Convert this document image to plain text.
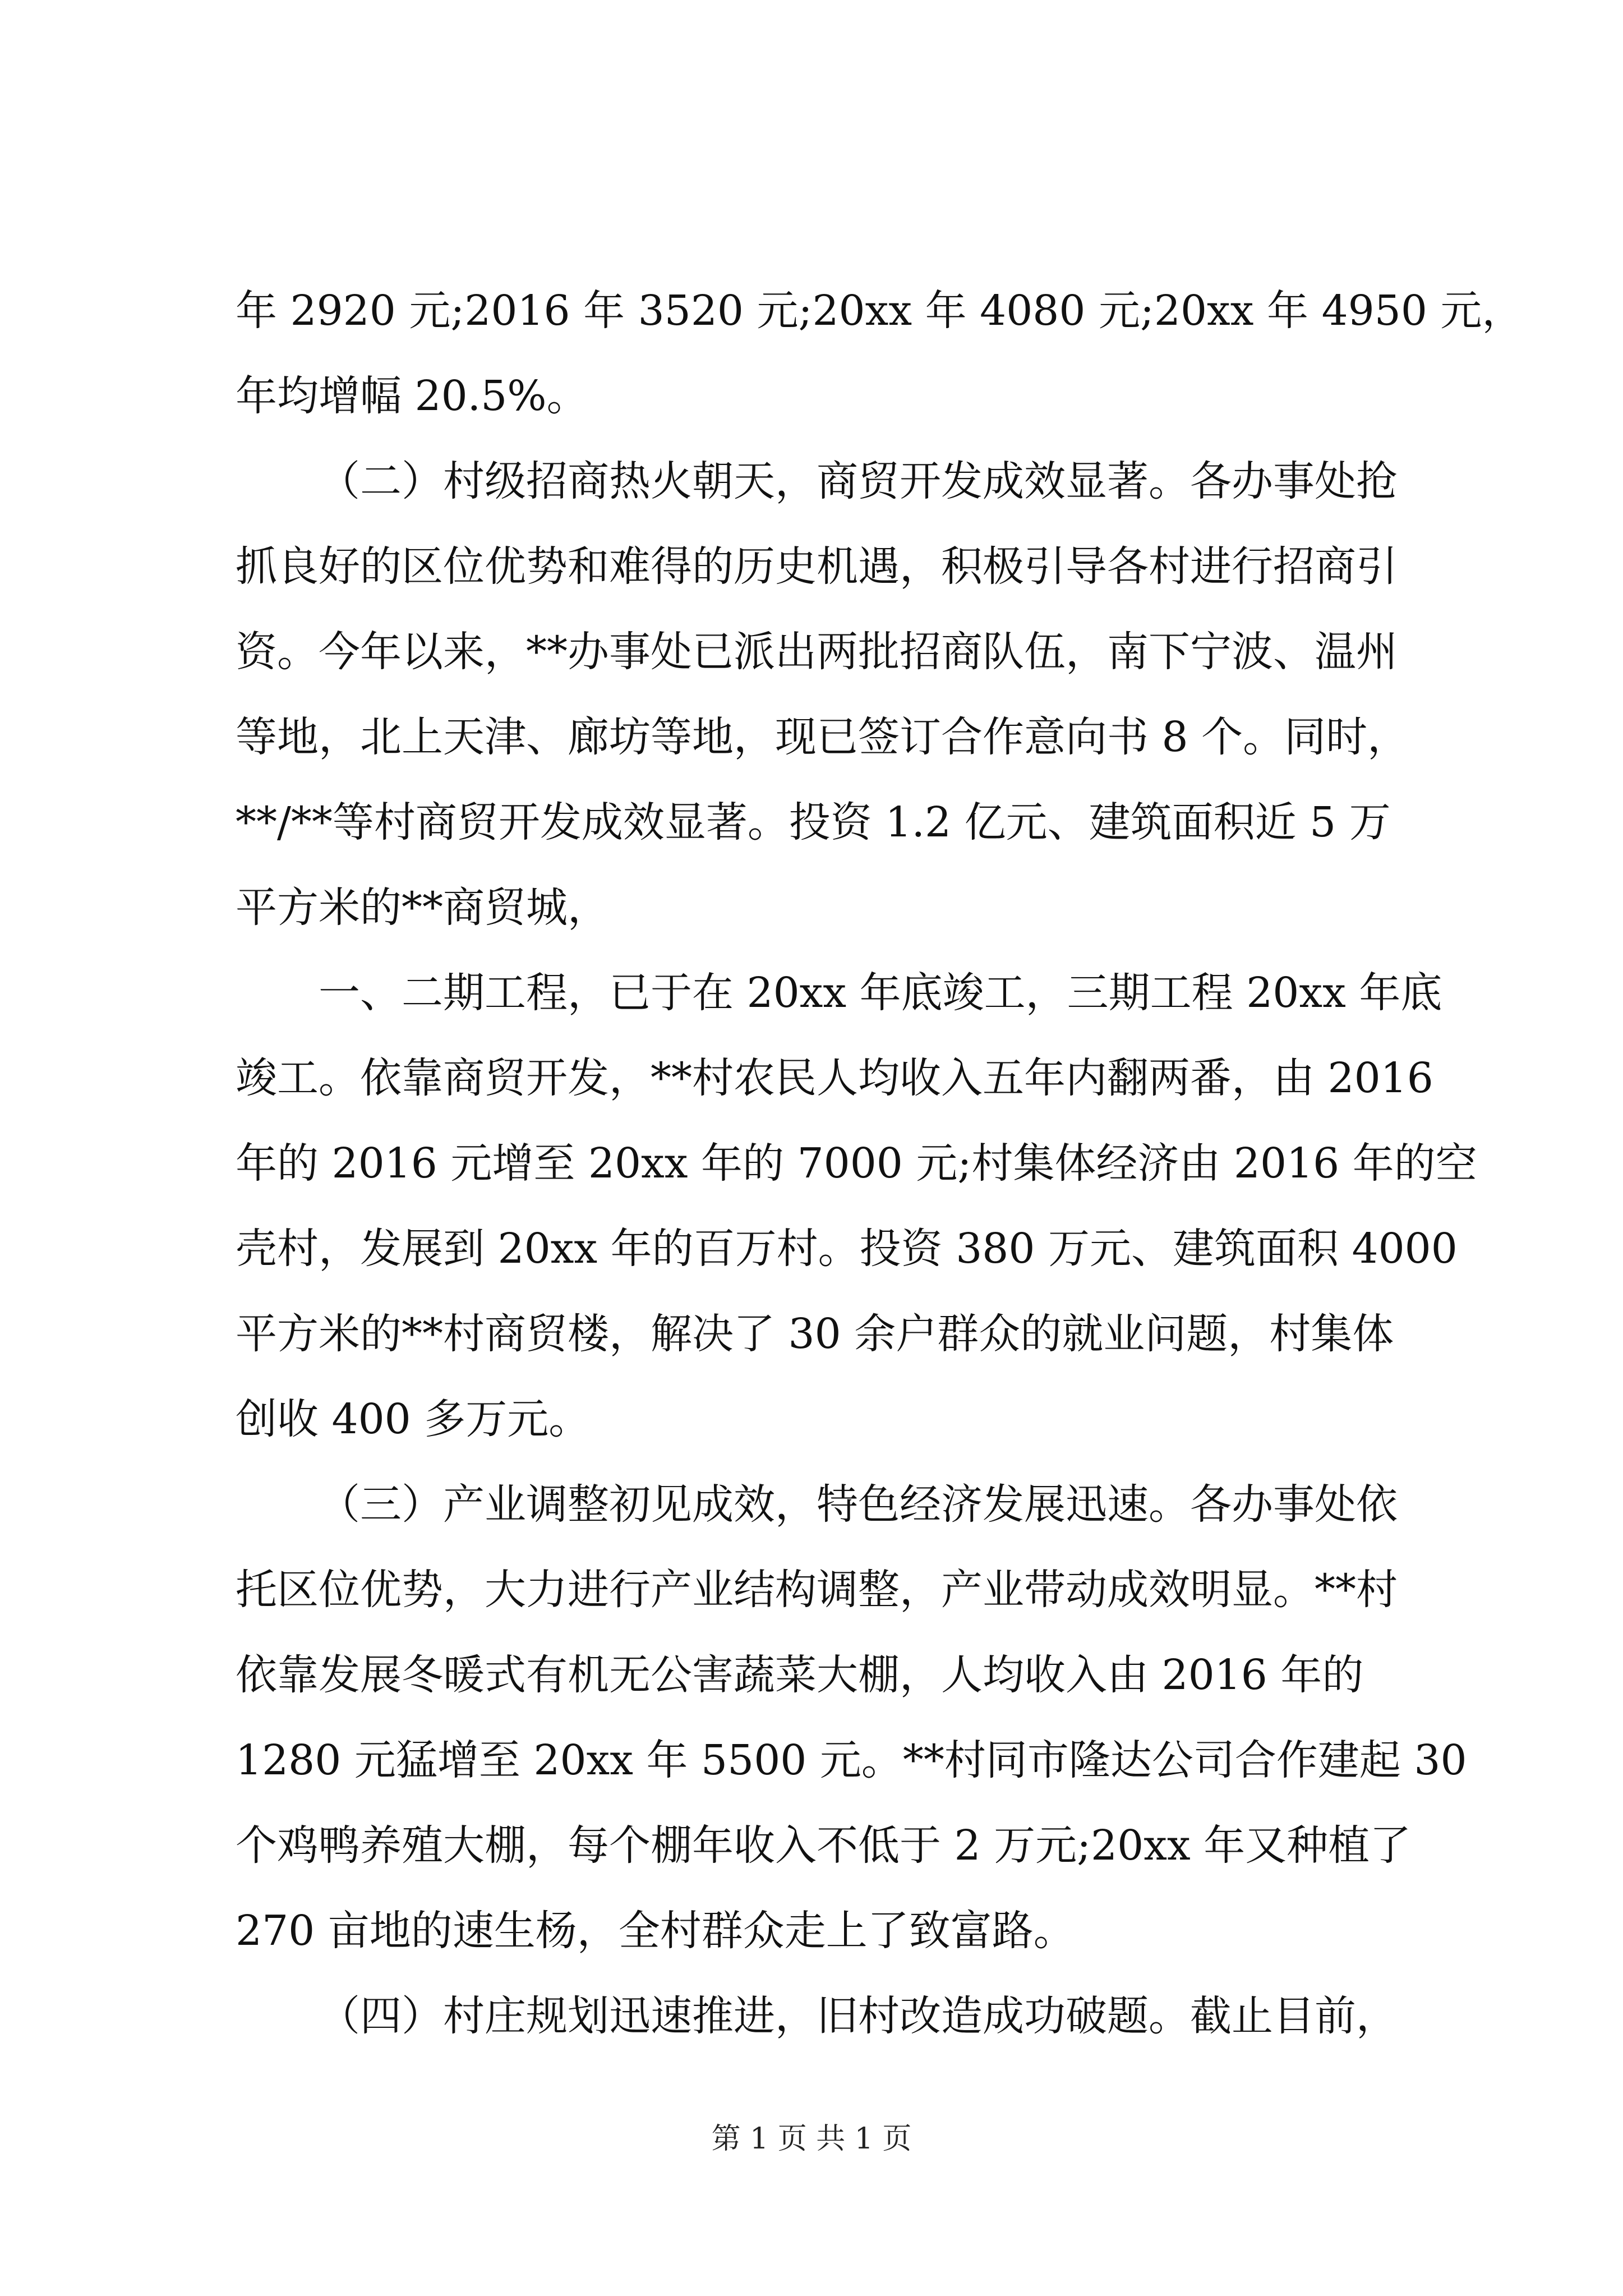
年 2920 元;2016 年 3520 元;20xx 年 4080 元;20xx 年 4950 元，
年均增幅 20.5%。
（二）村级招商热火朝天，商贸开发成效显著。各办事处抢
抓良好的区位优势和难得的历史机遇，积极引导各村进行招商引
资。今年以来，**办事处已派出两批招商队伍，南下宁波、温州
等地，北上天津、廊坊等地，现已签订合作意向书 8 个。同时，
**/**等村商贸开发成效显著。投资 1.2 亿元、建筑面积近 5 万
平方米的**商贸城，
一、二期工程，已于在 20xx 年底竣工，三期工程 20xx 年底
竣工。依靠商贸开发，**村农民人均收入五年内翻两番，由 2016
年的 2016 元增至 20xx 年的 7000 元;村集体经济由 2016 年的空
壳村，发展到 20xx 年的百万村。投资 380 万元、建筑面积 4000
平方米的**村商贸楼，解决了 30 余户群众的就业问题，村集体
创收 400 多万元。
（三）产业调整初见成效，特色经济发展迅速。各办事处依
托区位优势，大力进行产业结构调整，产业带动成效明显。**村
依靠发展冬暖式有机无公害蔬菜大棚，人均收入由 2016 年的
1280 元猛增至 20xx 年 5500 元。**村同市隆达公司合作建起 30
个鸡鸭养殖大棚，每个棚年收入不低于 2 万元;20xx 年又种植了
270 亩地的速生杨，全村群众走上了致富路。
（四）村庄规划迅速推进，旧村改造成功破题。截止目前，
第 1 页 共 1 页
